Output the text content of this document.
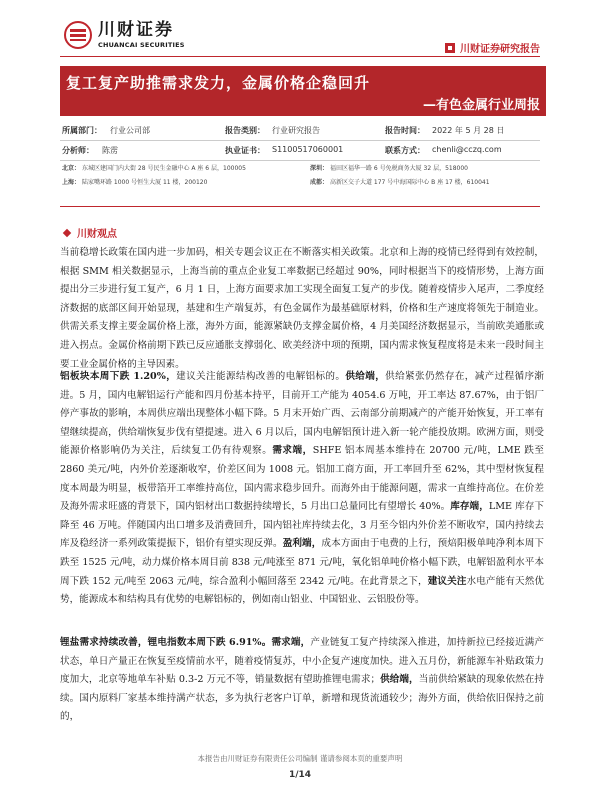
川财证券
CHUANCAI SECURITIES	川财证券研究报告
复工复产助推需求发力，金属价格企稳回升
—有色金属行业周报
所属部门： 行业公司部	报告类别： 行业研究报告	报告时间： 2022 年 5 月 28 日
分析师： 陈雳	执业证书： S1100517060001	联系方式： chenli@cczq.com
北京： 东城区建国门内大街 28 号民生金融中心 A 座 6 层，100005	深圳： 福田区福华一路 6 号免税商务大厦 32 层，518000
上海： 陆家嘴环路 1000 号恒生大厦 11 楼，200120	成都： 高新区交子大道 177 号中海国际中心 B 座 17 楼，610041
川财观点

当前稳增长政策在国内进一步加码，相关专题会议正在不断落实相关政策。北京和上海的疫情已经得到有效控制，根据 SMM 相关数据显示，上海当前的重点企业复工率数据已经超过 90%，同时根据当下的疫情形势，上海方面提出分三步进行复工复产，6 月 1 日，上海方面要求加工实现全面复工复产的步伐。随着疫情步入尾声，二季度经济数据的底部区间开始显现，基建和生产端复苏，有色金属作为最基础原材料，价格和生产速度将领先于制造业。供需关系支撑主要金属价格上涨，海外方面，能源紧缺仍支撑金属价格，4 月美国经济数据显示，当前欧美通胀或进入拐点。金属价格前期下跌已反应通胀支撑弱化、欧美经济中项的预期，国内需求恢复程度将是未来一段时间主要工业金属价格的主导因素。

铝板块本周下跌 1.20%，建议关注能源结构改善的电解铝标的。供给端，供给紧张仍然存在，减产过程循序渐进。5 月，国内电解铝运行产能和四月份基本持平，目前开工产能为 4054.6 万吨，开工率达 87.67%，由于铝厂停产事故的影响，本周供应端出现整体小幅下降。5 月末开始广西、云南部分前期减产的产能开始恢复，开工率有望继续提高，供给端恢复步伐有望提速。进入 6 月以后，国内电解铝预计进入新一轮产能投放期。欧洲方面，则受能源价格影响仍为关注，后续复工仍有待观察。需求端，SHFE 铝本周基本维持在 20700 元/吨，LME 跌至 2860 美元/吨，内外价差逐渐收窄，价差区间为 1008 元。铝加工商方面，开工率回升至 62%，其中型材恢复程度本周最为明显，板带箔开工率维持高位，国内需求稳步回升。而海外由于能源问题，需求一直维持高位。在价差及海外需求旺盛的背景下，国内铝材出口数据持续增长，5 月出口总量同比有望增长 40%。库存端，LME 库存下降至 46 万吨。伴随国内出口增多及消费回升，国内铝社库持续去化，3 月至今铝内外价差不断收窄，国内持续去库及稳经济一系列政策提振下，铝价有望实现反弹。盈利端，成本方面由于电费的上行，预焙阳极单吨净利本周下跌至 1525 元/吨，动力煤价格本周目前 838 元/吨涨至 871 元/吨，氧化铝单吨价格小幅下跌，电解铝盈利水平本周下跌 152 元/吨至 2063 元/吨，综合盈利小幅回落至 2342 元/吨。在此背景之下，建议关注水电产能有天然优势，能源成本和结构具有优势的电解铝标的，例如南山铝业、中国铝业、云铝股份等。

锂盐需求持续改善，锂电指数本周下跌 6.91%。需求端，产业链复工复产持续深入推进，加持新拉已经接近满产状态，单日产量正在恢复至疫情前水平，随着疫情复苏，中小企复产速度加快。进入五月份，新能源车补贴政策力度加大，北京等地单车补贴 0.3-2 万元不等，销量数据有望助推锂电需求；供给端，当前供给紧缺的现象依然在持续。国内原料厂家基本维持满产状态，多为执行老客户订单，新增和现货流通较少；海外方面，供给依旧保持之前的，

本报告由川财证券有限责任公司编制 谨请参阅本页的重要声明
1/14
